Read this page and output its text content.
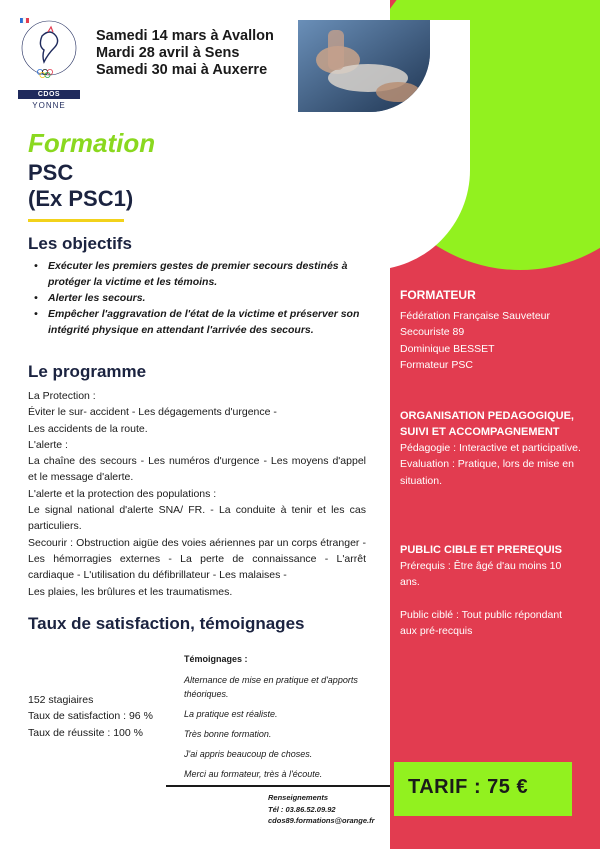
CDOS
YONNE
Samedi 14 mars à Avallon
Mardi 28 avril à Sens
Samedi 30 mai à Auxerre
Formation
PSC
(Ex PSC1)
Les objectifs
• Exécuter les premiers gestes de premier secours destinés à protéger la victime et les témoins.
• Alerter les secours.
• Empêcher l'aggravation de l'état de la victime et préserver son intégrité physique en attendant l'arrivée des secours.
Le programme

La Protection :

Éviter le sur- accident - Les dégagements d'urgence -

Les accidents de la route.

L'alerte :

La chaîne des secours - Les numéros d'urgence - Les moyens d'appel et le message d'alerte.

L'alerte et la protection des populations :

Le signal national d'alerte SNA/ FR. - La conduite à tenir et les cas particuliers.

Secourir : Obstruction aigüe des voies aériennes par un corps étranger - Les hémorragies externes - La perte de connaissance - L'arrêt cardiaque - L'utilisation du défibrillateur - Les malaises -

Les plaies, les brûlures et les traumatismes.

Taux de satisfaction, témoignages
152 stagiaires
Taux de satisfaction : 96 %
Taux de réussite : 100 %
Témoignages :
Alternance de mise en pratique et d'apports théoriques.
La pratique est réaliste.
Très bonne formation.
J'ai appris beaucoup de choses.
Merci au formateur, très à l'écoute.
Renseignements
Tél : 03.86.52.09.92
cdos89.formations@orange.fr
FORMATEUR
Fédération Française Sauveteur
Secouriste 89
Dominique BESSET
Formateur PSC
ORGANISATION PEDAGOGIQUE,
SUIVI ET ACCOMPAGNEMENT
Pédagogie : Interactive et participative.
Evaluation : Pratique, lors de mise en situation.
PUBLIC CIBLE ET PREREQUIS
Prérequis : Être âgé d'au moins 10 ans.
Public ciblé : Tout public répondant aux pré-recquis
TARIF : 75 €
